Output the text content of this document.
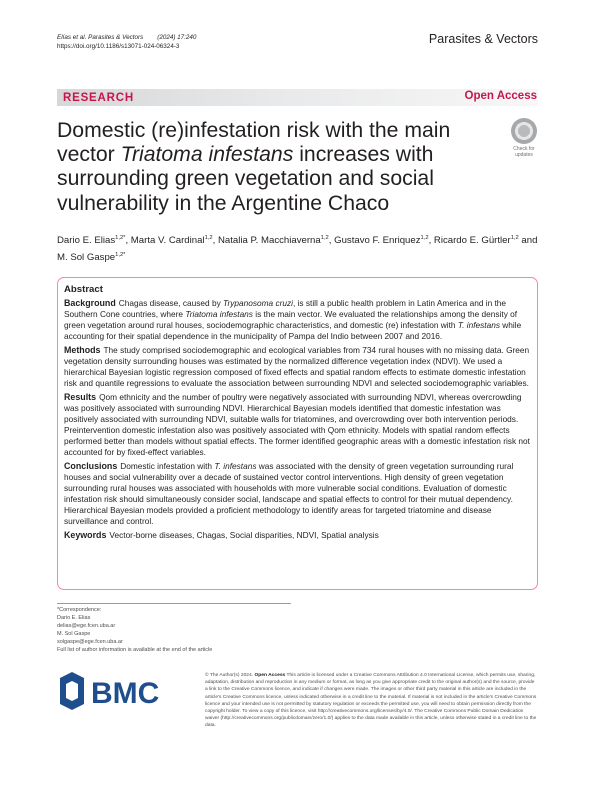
Elías et al. Parasites & Vectors (2024) 17:240
https://doi.org/10.1186/s13071-024-06324-3
Parasites & Vectors
RESEARCH	Open Access
Domestic (re)infestation risk with the main vector Triatoma infestans increases with surrounding green vegetation and social vulnerability in the Argentine Chaco
Check for
updates
Dario E. Elias$^{1,2*}$, Marta V. Cardinal$^{1,2}$, Natalia P. Macchiaverna$^{1,2}$, Gustavo F. Enriquez$^{1,2}$, Ricardo E. Gürtler$^{1,2}$ and M. Sol Gaspe$^{1,2*}$
Abstract

Background Chagas disease, caused by Trypanosoma cruzi, is still a public health problem in Latin America and in the Southern Cone countries, where Triatoma infestans is the main vector. We evaluated the relationships among the density of green vegetation around rural houses, sociodemographic characteristics, and domestic (re) infestation with T. infestans while accounting for their spatial dependence in the municipality of Pampa del Indio between 2007 and 2016.

Methods The study comprised sociodemographic and ecological variables from 734 rural houses with no missing data. Green vegetation density surrounding houses was estimated by the normalized difference vegetation index (NDVI). We used a hierarchical Bayesian logistic regression composed of fixed effects and spatial random effects to estimate domestic infestation risk and quantile regressions to evaluate the association between surrounding NDVI and selected sociodemographic variables.

Results Qom ethnicity and the number of poultry were negatively associated with surrounding NDVI, whereas overcrowding was positively associated with surrounding NDVI. Hierarchical Bayesian models identified that domestic infestation was positively associated with surrounding NDVI, suitable walls for triatomines, and overcrowding over both intervention periods. Preintervention domestic infestation also was positively associated with Qom ethnicity. Models with spatial random effects performed better than models without spatial effects. The former identified geographic areas with a domestic infestation risk not accounted for by fixed-effect variables.

Conclusions Domestic infestation with T. infestans was associated with the density of green vegetation surrounding rural houses and social vulnerability over a decade of sustained vector control interventions. High density of green vegetation surrounding rural houses was associated with households with more vulnerable social conditions. Evaluation of domestic infestation risk should simultaneously consider social, landscape and spatial effects to control for their mutual dependency. Hierarchical Bayesian models provided a proficient methodology to identify areas for targeted triatomine and disease surveillance and control.

Keywords Vector-borne diseases, Chagas, Social disparities, NDVI, Spatial analysis

*Correspondence:
Dario E. Elias
delias@ege.fcen.uba.ar
M. Sol Gaspe
solgaspe@ege.fcen.uba.ar
Full list of author information is available at the end of the article
BMC
© The Author(s) 2024. Open Access This article is licensed under a Creative Commons Attribution 4.0 International License, which permits use, sharing, adaptation, distribution and reproduction in any medium or format, as long as you give appropriate credit to the original author(s) and the source, provide a link to the Creative Commons licence, and indicate if changes were made. The images or other third party material in this article are included in the article's Creative Commons licence, unless indicated otherwise in a credit line to the material. If material is not included in the article's Creative Commons licence and your intended use is not permitted by statutory regulation or exceeds the permitted use, you will need to obtain permission directly from the copyright holder. To view a copy of this licence, visit http://creativecommons.org/licenses/by/4.0/. The Creative Commons Public Domain Dedication waiver (http://creativecommons.org/publicdomain/zero/1.0/) applies to the data made available in this article, unless otherwise stated in a credit line to the data.
